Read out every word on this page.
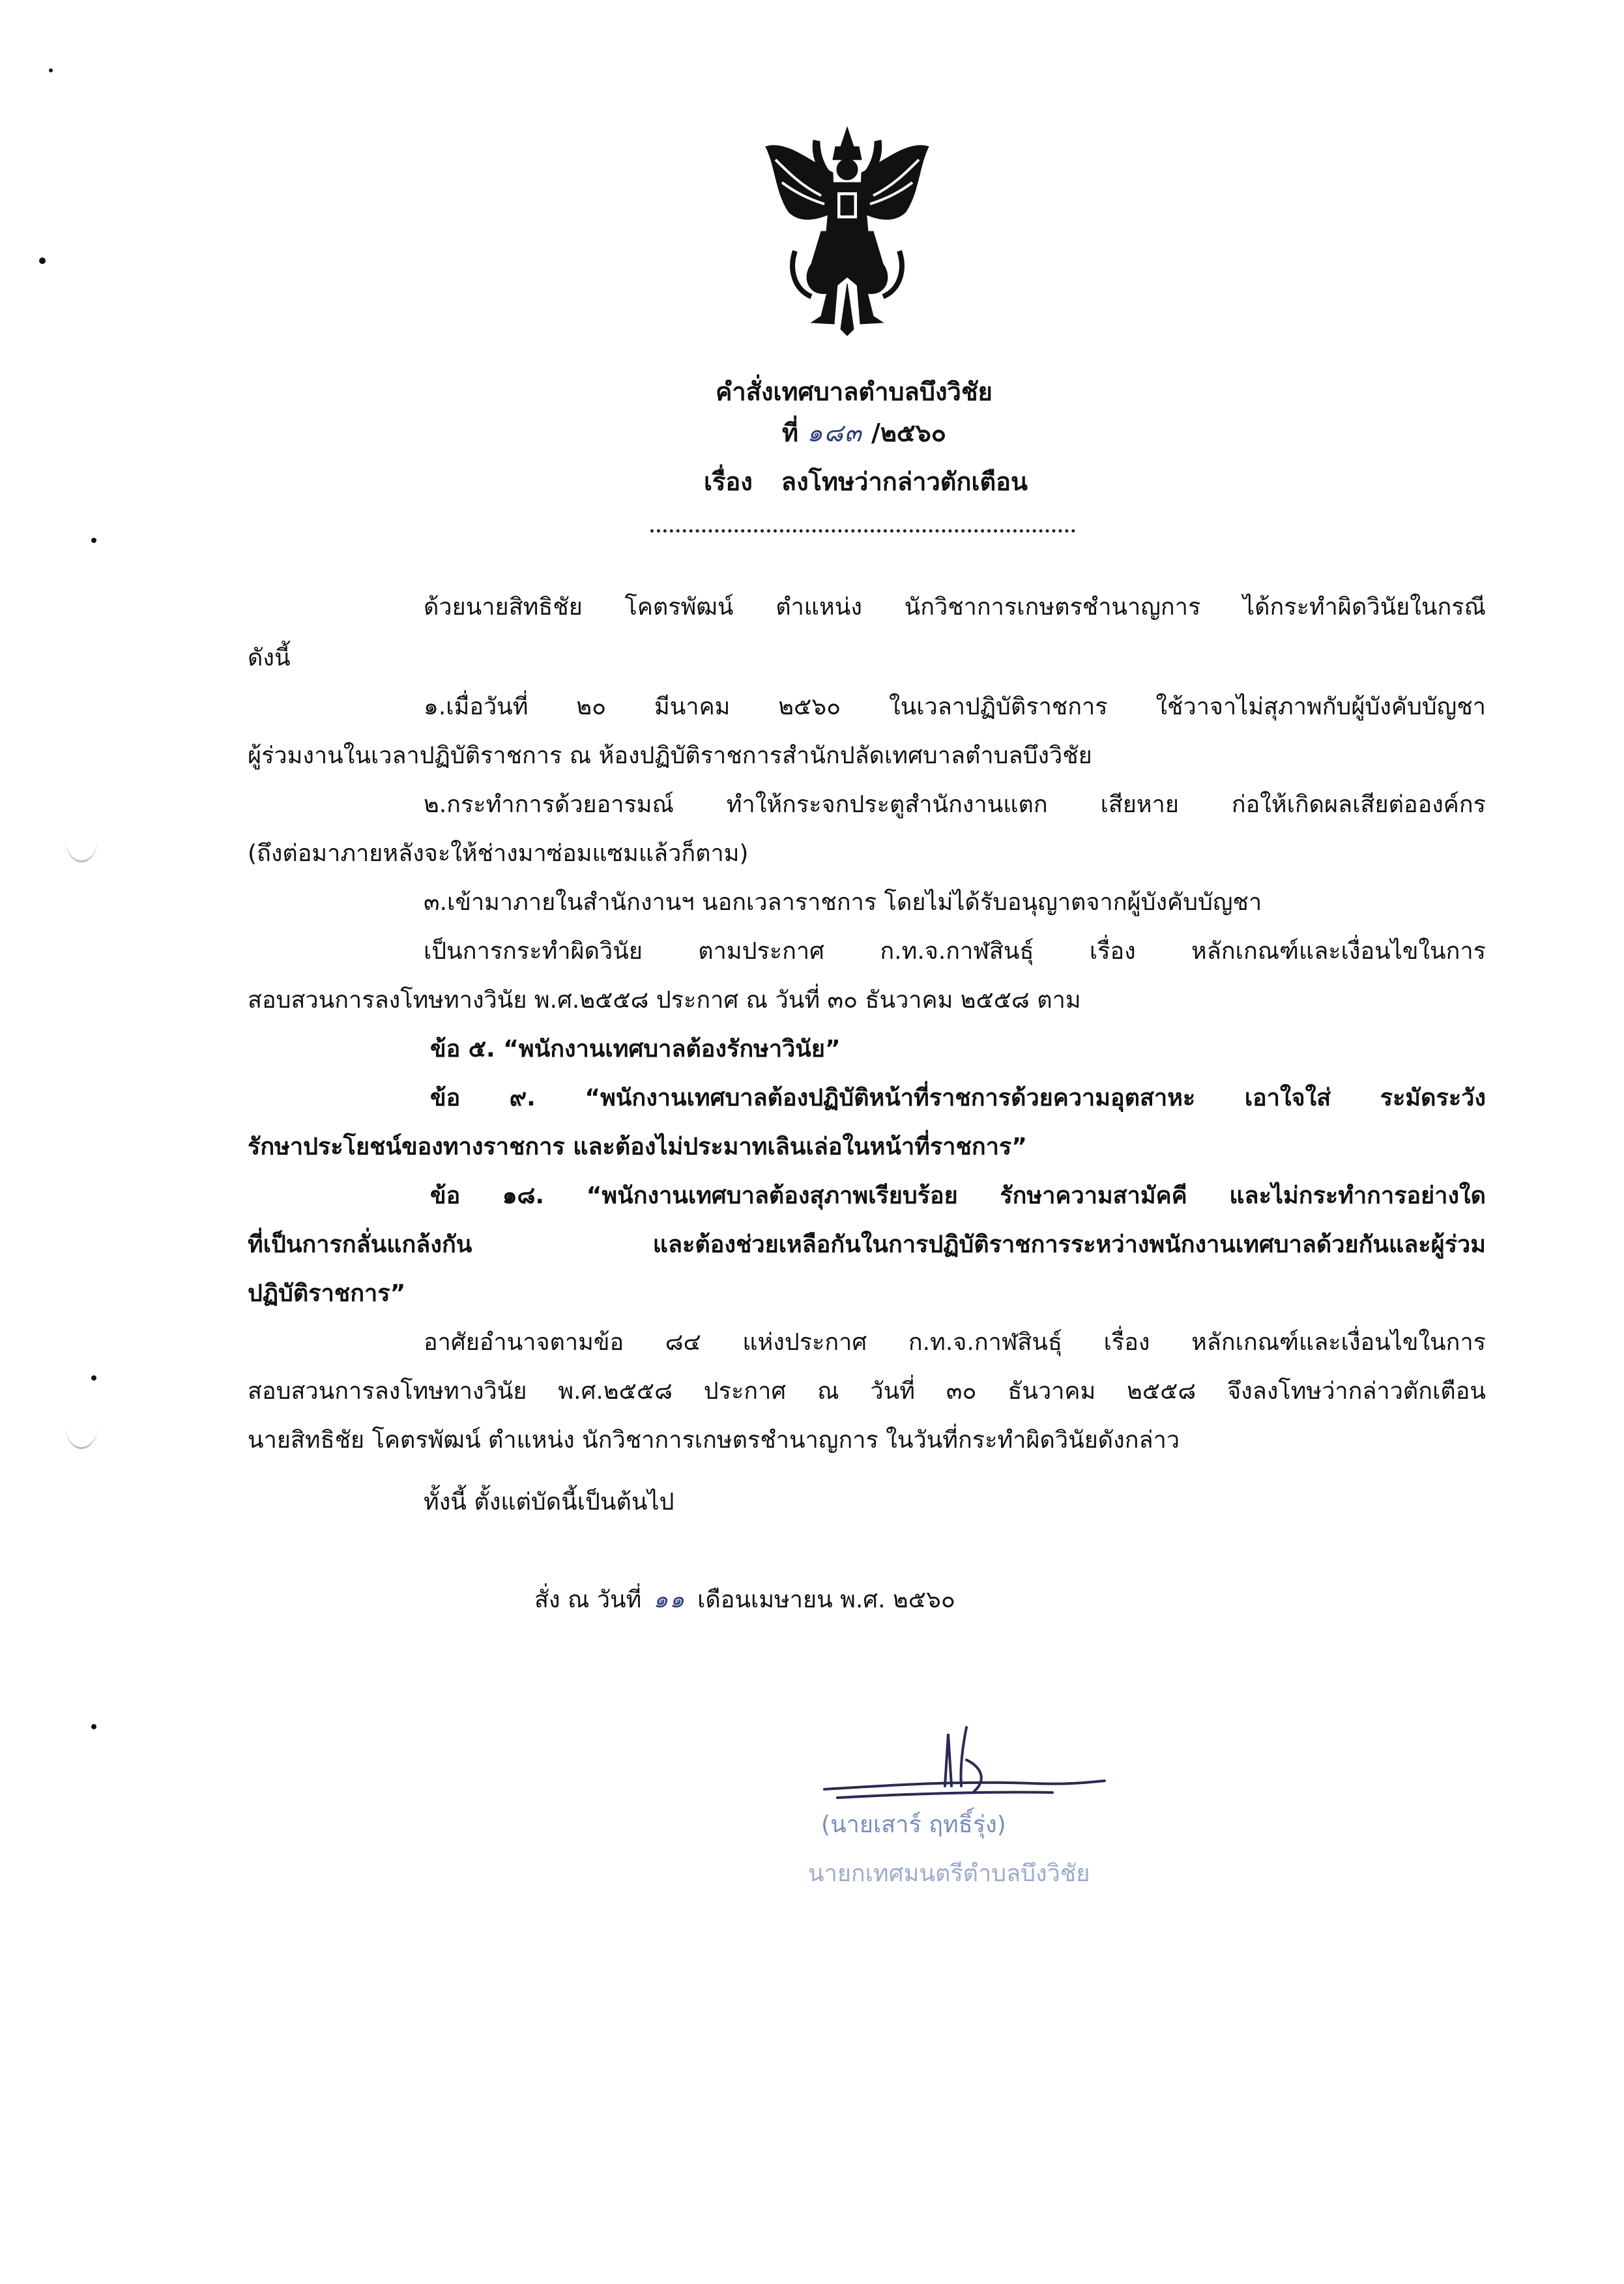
คำสั่งเทศบาลตำบลบึงวิชัย
ที่ ๑๘๓ /๒๕๖๐
เรื่อง ลงโทษว่ากล่าวตักเตือน
ด้วยนายสิทธิชัย โคตรพัฒน์ ตำแหน่ง นักวิชาการเกษตรชำนาญการ ได้กระทำผิดวินัยในกรณี
ดังนี้
๑.เมื่อวันที่ ๒๐ มีนาคม ๒๕๖๐ ในเวลาปฏิบัติราชการ ใช้วาจาไม่สุภาพกับผู้บังคับบัญชา
ผู้ร่วมงานในเวลาปฏิบัติราชการ ณ ห้องปฏิบัติราชการสำนักปลัดเทศบาลตำบลบึงวิชัย
๒.กระทำการด้วยอารมณ์ ทำให้กระจกประตูสำนักงานแตก เสียหาย ก่อให้เกิดผลเสียต่อองค์กร
(ถึงต่อมาภายหลังจะให้ช่างมาซ่อมแซมแล้วก็ตาม)
๓.เข้ามาภายในสำนักงานฯ นอกเวลาราชการ โดยไม่ได้รับอนุญาตจากผู้บังคับบัญชา
เป็นการกระทำผิดวินัย ตามประกาศ ก.ท.จ.กาฬสินธุ์ เรื่อง หลักเกณฑ์และเงื่อนไขในการ
สอบสวนการลงโทษทางวินัย พ.ศ.๒๕๕๘ ประกาศ ณ วันที่ ๓๐ ธันวาคม ๒๕๕๘ ตาม
ข้อ ๕. “พนักงานเทศบาลต้องรักษาวินัย”
ข้อ ๙. “พนักงานเทศบาลต้องปฏิบัติหน้าที่ราชการด้วยความอุตสาหะ เอาใจใส่ ระมัดระวัง
รักษาประโยชน์ของทางราชการ และต้องไม่ประมาทเลินเล่อในหน้าที่ราชการ”
ข้อ ๑๘. “พนักงานเทศบาลต้องสุภาพเรียบร้อย รักษาความสามัคคี และไม่กระทำการอย่างใด
ที่เป็นการกลั่นแกล้งกัน และต้องช่วยเหลือกันในการปฏิบัติราชการระหว่างพนักงานเทศบาลด้วยกันและผู้ร่วม
ปฏิบัติราชการ”
อาศัยอำนาจตามข้อ ๘๔ แห่งประกาศ ก.ท.จ.กาฬสินธุ์ เรื่อง หลักเกณฑ์และเงื่อนไขในการ
สอบสวนการลงโทษทางวินัย พ.ศ.๒๕๕๘ ประกาศ ณ วันที่ ๓๐ ธันวาคม ๒๕๕๘ จึงลงโทษว่ากล่าวตักเตือน
นายสิทธิชัย โคตรพัฒน์ ตำแหน่ง นักวิชาการเกษตรชำนาญการ ในวันที่กระทำผิดวินัยดังกล่าว
ทั้งนี้ ตั้งแต่บัดนี้เป็นต้นไป
สั่ง ณ วันที่ ๑๑ เดือนเมษายน พ.ศ. ๒๕๖๐
(นายเสาร์ ฤทธิ์รุ่ง)
นายกเทศมนตรีตำบลบึงวิชัย
